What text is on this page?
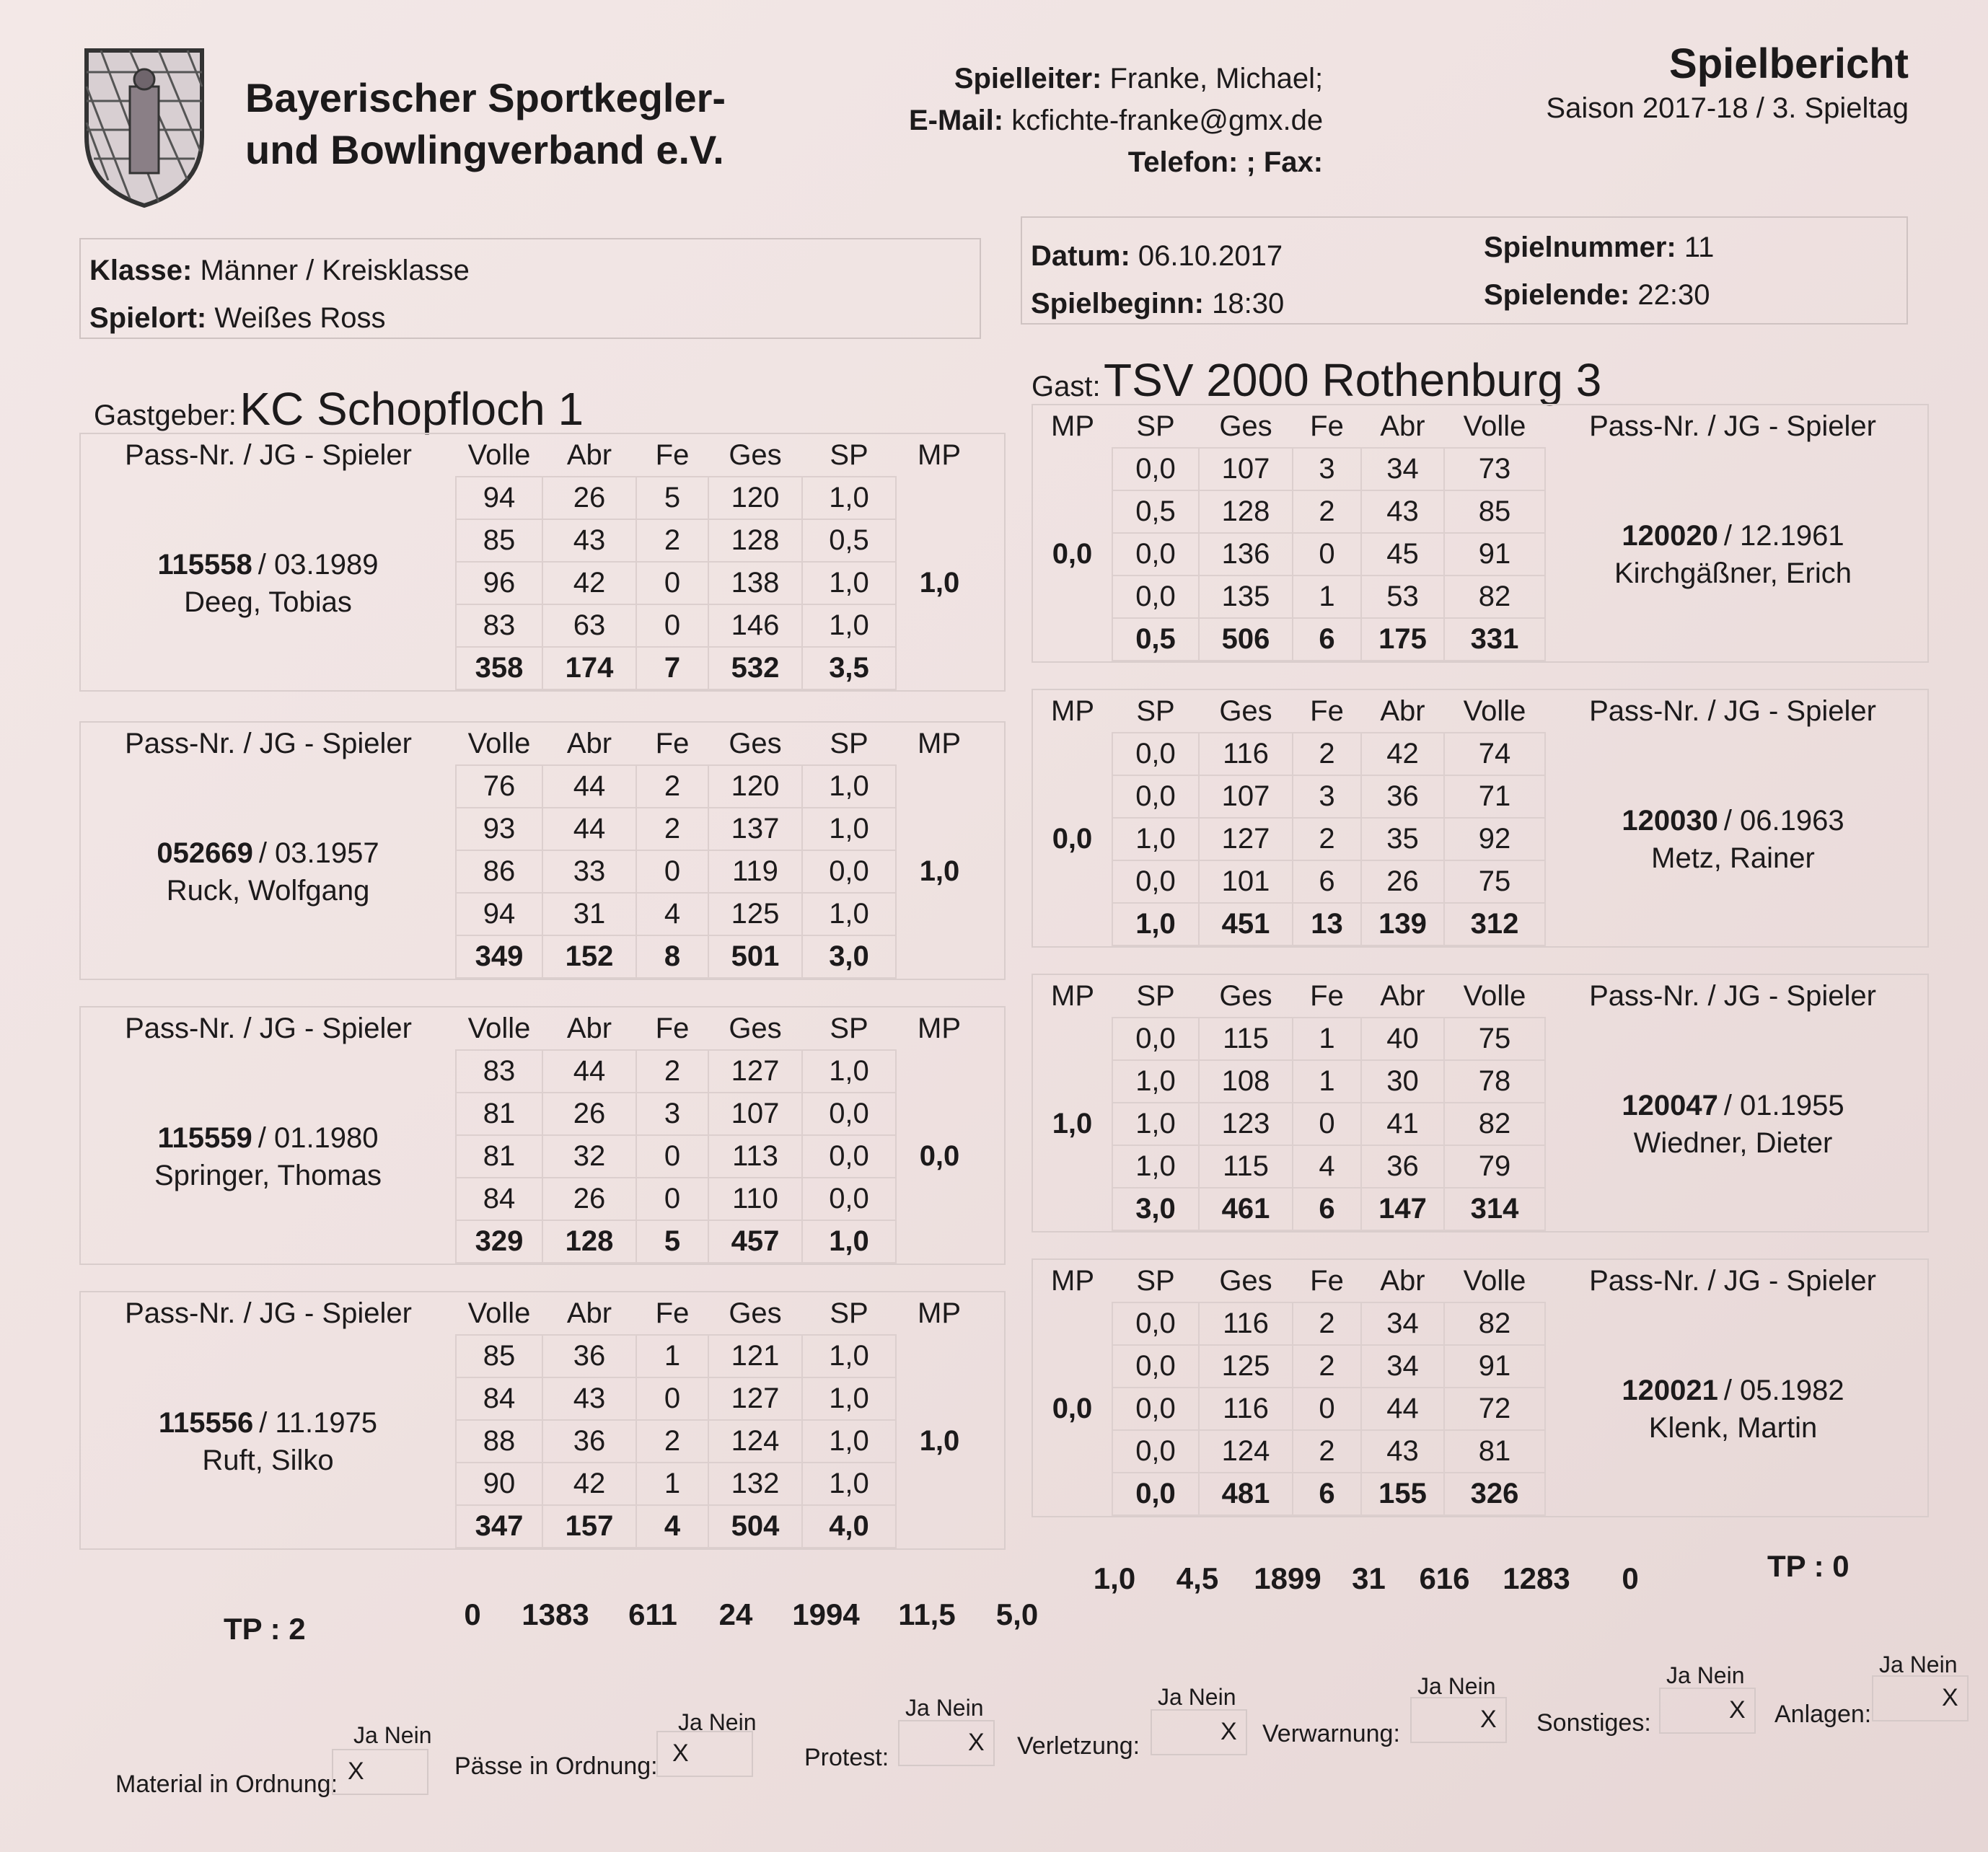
Bayerischer Sportkegler-
und Bowlingverband e.V.
Spielleiter: Franke, Michael;
E-Mail: kcfichte-franke@gmx.de
Telefon: ; Fax:
Spielbericht
Saison 2017-18 / 3. Spieltag
Klasse: Männer / Kreisklasse
Spielort: Weißes Ross
Datum: 06.10.2017
Spielbeginn: 18:30
Spielnummer: 11
Spielende: 22:30
Gastgeber: KC Schopfloch 1	Gast: TSV 2000 Rothenburg 3
Pass-Nr. / JG - Spieler	Volle	Abr	Fe	Ges	SP	MP

115558 / 03.1989
Deeg, Tobias	94	26	5	120	1,0	1,0
	85	43	2	128	0,5	
	96	42	0	138	1,0	
	83	63	0	146	1,0	
	358	174	7	532	3,5	
Pass-Nr. / JG - Spieler	Volle	Abr	Fe	Ges	SP	MP

052669 / 03.1957
Ruck, Wolfgang	76	44	2	120	1,0	1,0
	93	44	2	137	1,0	
	86	33	0	119	0,0	
	94	31	4	125	1,0	
	349	152	8	501	3,0	
Pass-Nr. / JG - Spieler	Volle	Abr	Fe	Ges	SP	MP

115559 / 01.1980
Springer, Thomas	83	44	2	127	1,0	0,0
	81	26	3	107	0,0	
	81	32	0	113	0,0	
	84	26	0	110	0,0	
	329	128	5	457	1,0	
Pass-Nr. / JG - Spieler	Volle	Abr	Fe	Ges	SP	MP

115556 / 11.1975
Ruft, Silko	85	36	1	121	1,0	1,0
	84	43	0	127	1,0	
	88	36	2	124	1,0	
	90	42	1	132	1,0	
	347	157	4	504	4,0	
MP	SP	Ges	Fe	Abr	Volle	Pass-Nr. / JG - Spieler
0,0	0,0	107	3	34	73	120020 / 12.1961
Kirchgäßner, Erich

	0,5	128	2	43	85	
	0,0	136	0	45	91	
	0,0	135	1	53	82	
	0,5	506	6	175	331	
MP	SP	Ges	Fe	Abr	Volle	Pass-Nr. / JG - Spieler
0,0	0,0	116	2	42	74	120030 / 06.1963
Metz, Rainer

	0,0	107	3	36	71	
	1,0	127	2	35	92	
	0,0	101	6	26	75	
	1,0	451	13	139	312	
MP	SP	Ges	Fe	Abr	Volle	Pass-Nr. / JG - Spieler
1,0	0,0	115	1	40	75	120047 / 01.1955
Wiedner, Dieter

	1,0	108	1	30	78	
	1,0	123	0	41	82	
	1,0	115	4	36	79	
	3,0	461	6	147	314	
MP	SP	Ges	Fe	Abr	Volle	Pass-Nr. / JG - Spieler
0,0	0,0	116	2	34	82	120021 / 05.1982
Klenk, Martin

	0,0	125	2	34	91	
	0,0	116	0	44	72	
	0,0	124	2	43	81	
	0,0	481	6	155	326	
TP : 2	0 1383 611 24 1994 11,5 5,0
1,0 4,5 1899 31 616 1283 0	TP : 0
Material in Ordnung:
Ja Nein
X	Pässe in Ordnung:
Ja Nein
X	Protest:
Ja Nein
X Verletzung:
Ja Nein
X Verwarnung:
Ja Nein
X Sonstiges:
Ja Nein
X Anlagen:
Ja Nein
X
